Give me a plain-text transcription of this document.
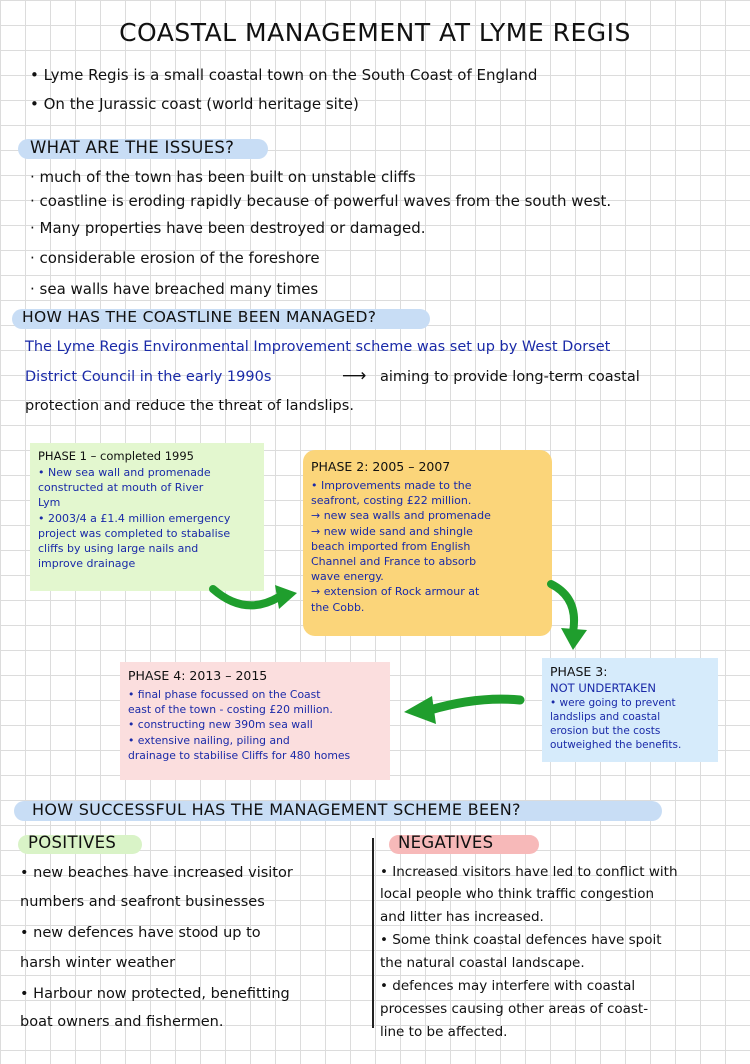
COASTAL MANAGEMENT AT LYME REGIS
• Lyme Regis is a small coastal town on the South Coast of England
• On the Jurassic coast (world heritage site)
WHAT ARE THE ISSUES?
· much of the town has been built on unstable cliffs
· coastline is eroding rapidly because of powerful waves from the south west.
· Many properties have been destroyed or damaged.
· considerable erosion of the foreshore
· sea walls have breached many times
HOW HAS THE COASTLINE BEEN MANAGED?
The Lyme Regis Environmental Improvement scheme was set up by West Dorset
District Council in the early 1990s	⟶ aiming to provide long-term coastal
protection and reduce the threat of landslips.
PHASE 1 – completed 1995
• New sea wall and promenade
constructed at mouth of River
Lym
• 2003/4 a £1.4 million emergency
project was completed to stabalise
cliffs by using large nails and
improve drainage
PHASE 2: 2005 – 2007
• Improvements made to the
seafront, costing £22 million.
→ new sea walls and promenade
→ new wide sand and shingle
beach imported from English
Channel and France to absorb
wave energy.
→ extension of Rock armour at
the Cobb.
PHASE 3:
NOT UNDERTAKEN
• were going to prevent
landslips and coastal
erosion but the costs
outweighed the benefits.
PHASE 4: 2013 – 2015
• final phase focussed on the Coast
east of the town - costing £20 million.
• constructing new 390m sea wall
• extensive nailing, piling and
drainage to stabilise Cliffs for 480 homes
HOW SUCCESSFUL HAS THE MANAGEMENT SCHEME BEEN?
POSITIVES	NEGATIVES
• new beaches have increased visitor
numbers and seafront businesses
• new defences have stood up to
harsh winter weather
• Harbour now protected, benefitting
boat owners and fishermen.
• Increased visitors have led to conflict with
local people who think traffic congestion
and litter has increased.
• Some think coastal defences have spoit
the natural coastal landscape.
• defences may interfere with coastal
processes causing other areas of coast-
line to be affected.
